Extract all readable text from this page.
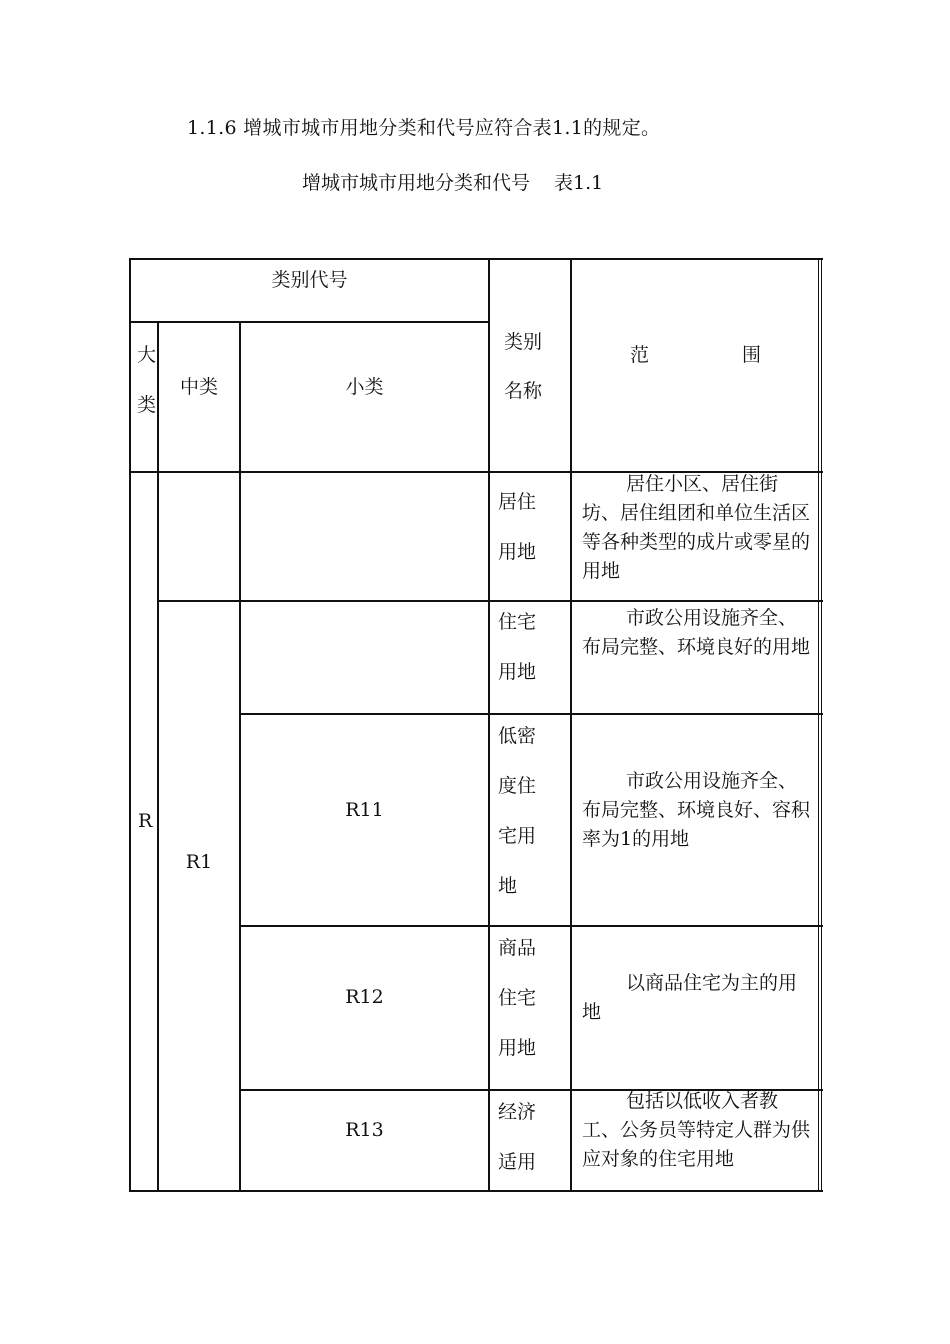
1.1.6 增城市城市用地分类和代号应符合表1.1的规定。
增城市城市用地分类和代号 表1.1
类别代号
大类
中类	小类
类别名称
范	围
R
R1
R11
R12
R13
居住用地
住宅用地
低密度住宅用地
商品住宅用地
经济适用
居住小区、居住街坊、居住组团和单位生活区等各种类型的成片或零星的用地
市政公用设施齐全、布局完整、环境良好的用地
市政公用设施齐全、布局完整、环境良好、容积率为1的用地
以商品住宅为主的用地
包括以低收入者教工、公务员等特定人群为供应对象的住宅用地
